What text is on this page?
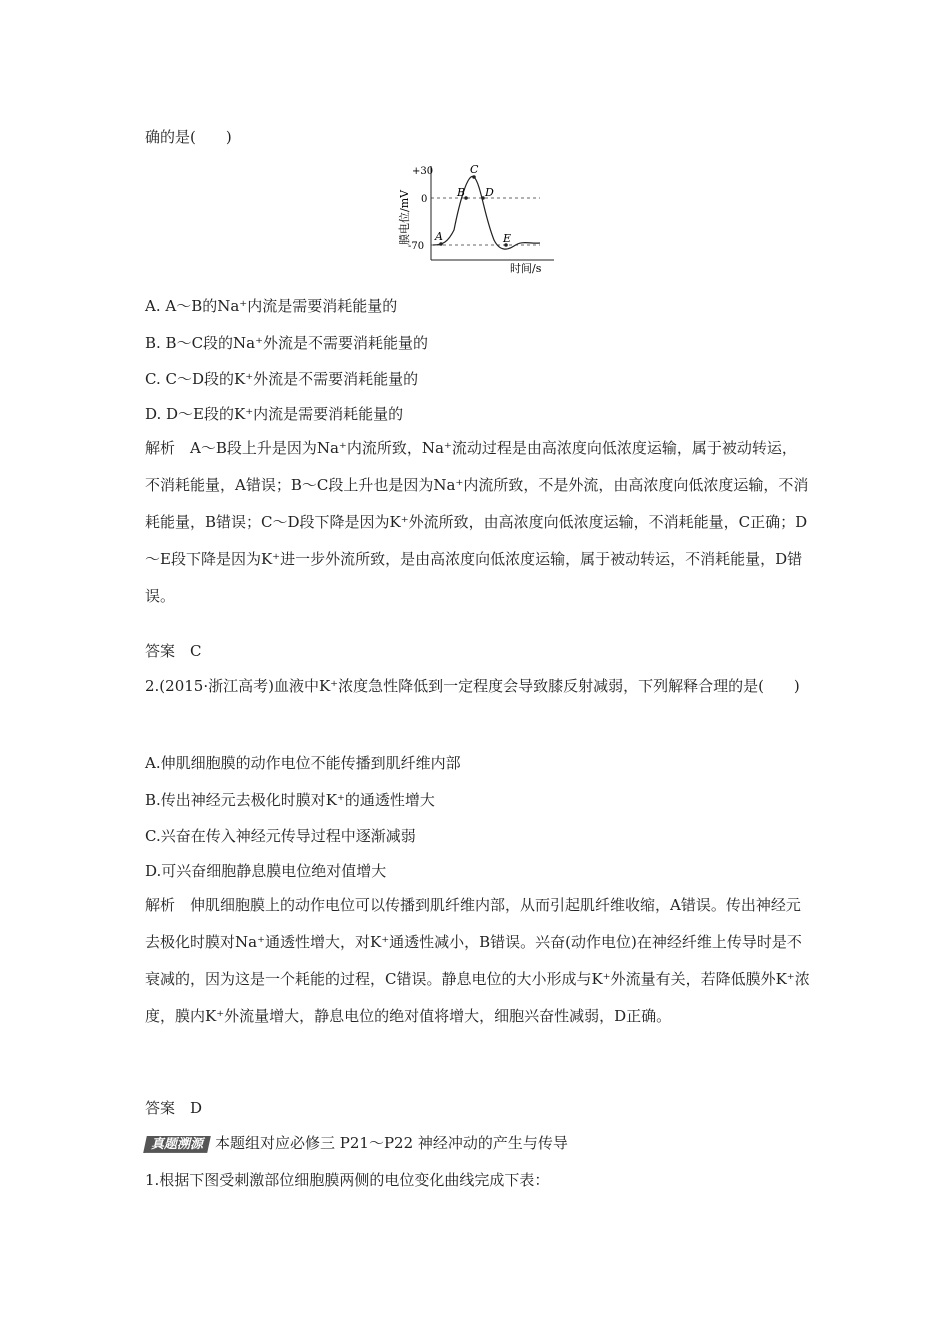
确的是(　　)
+30
0
-70
A
B
C
D
E
膜电位/mV
时间/s
A. A～B的Na⁺内流是需要消耗能量的
B. B～C段的Na⁺外流是不需要消耗能量的
C. C～D段的K⁺外流是不需要消耗能量的
D. D～E段的K⁺内流是需要消耗能量的
解析　A～B段上升是因为Na⁺内流所致，Na⁺流动过程是由高浓度向低浓度运输，属于被动转运，不消耗能量，A错误；B～C段上升也是因为Na⁺内流所致，不是外流，由高浓度向低浓度运输，不消耗能量，B错误；C～D段下降是因为K⁺外流所致，由高浓度向低浓度运输，不消耗能量，C正确；D～E段下降是因为K⁺进一步外流所致，是由高浓度向低浓度运输，属于被动转运，不消耗能量，D错误。
答案　C
2.(2015·浙江高考)血液中K⁺浓度急性降低到一定程度会导致膝反射减弱，下列解释合理的是(　　)
A.伸肌细胞膜的动作电位不能传播到肌纤维内部
B.传出神经元去极化时膜对K⁺的通透性增大
C.兴奋在传入神经元传导过程中逐渐减弱
D.可兴奋细胞静息膜电位绝对值增大
解析　伸肌细胞膜上的动作电位可以传播到肌纤维内部，从而引起肌纤维收缩，A错误。传出神经元去极化时膜对Na⁺通透性增大，对K⁺通透性减小，B错误。兴奋(动作电位)在神经纤维上传导时是不衰减的，因为这是一个耗能的过程，C错误。静息电位的大小形成与K⁺外流量有关，若降低膜外K⁺浓度，膜内K⁺外流量增大，静息电位的绝对值将增大，细胞兴奋性减弱，D正确。
答案　D
真题溯源 本题组对应必修三 P21～P22 神经冲动的产生与传导
1.根据下图受刺激部位细胞膜两侧的电位变化曲线完成下表：
